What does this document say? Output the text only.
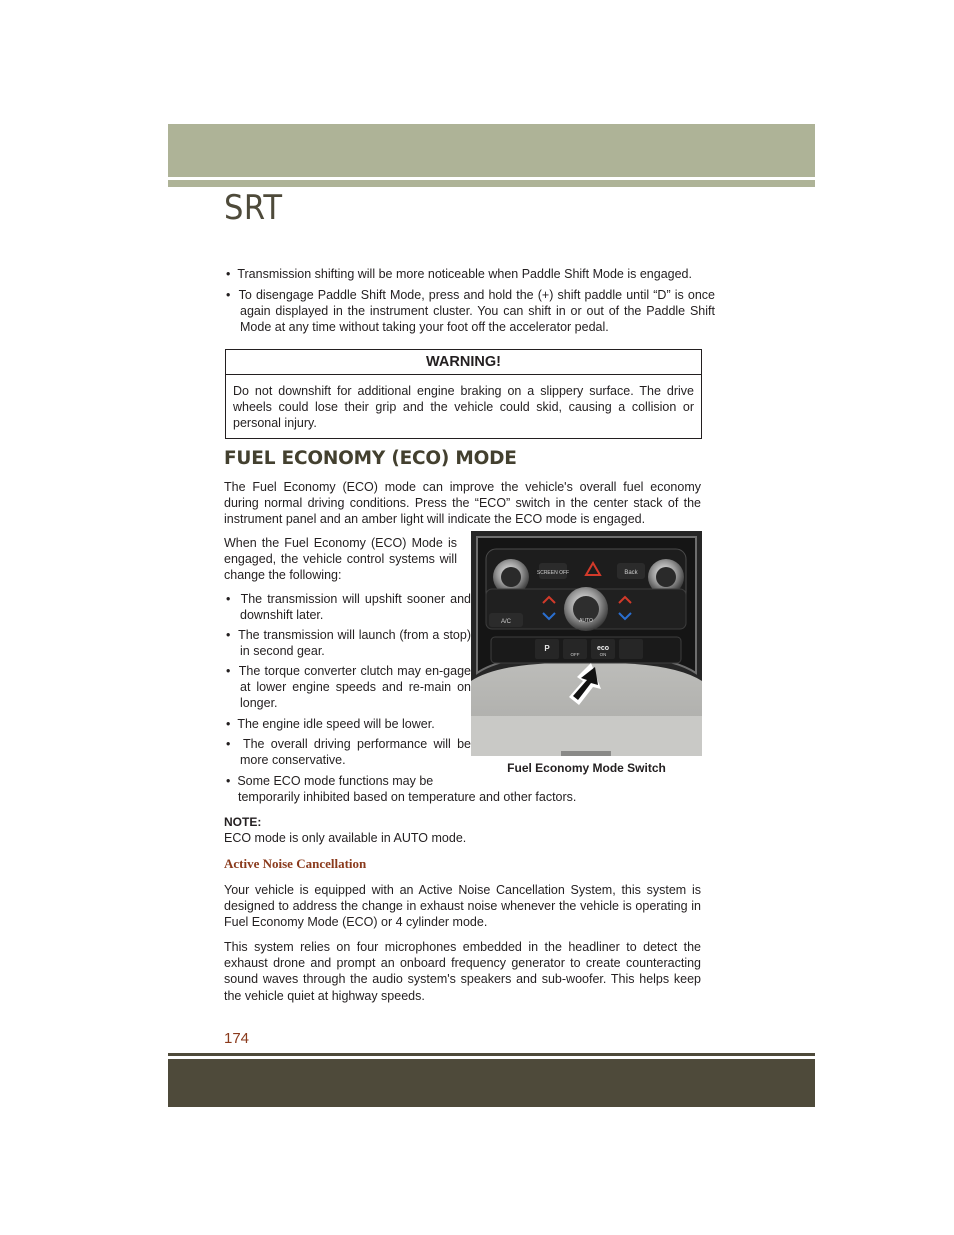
SRT
•  Transmission shifting will be more noticeable when Paddle Shift Mode is engaged.
•  To disengage Paddle Shift Mode, press and hold the (+) shift paddle until “D” is once again displayed in the instrument cluster. You can shift in or out of the Paddle Shift Mode at any time without taking your foot off the accelerator pedal.
WARNING!
Do not downshift for additional engine braking on a slippery surface. The drive wheels could lose their grip and the vehicle could skid, causing a collision or personal injury.
FUEL ECONOMY (ECO) MODE
The Fuel Economy (ECO) mode can improve the vehicle's overall fuel economy during normal driving conditions. Press the “ECO” switch in the center stack of the instrument panel and an amber light will indicate the ECO mode is engaged.
When the Fuel Economy (ECO) Mode is engaged, the vehicle control systems will change the following:
•  The transmission will upshift sooner and downshift later.
•  The transmission will launch (from a stop) in second gear.
•  The torque converter clutch may en-gage at lower engine speeds and re-main on longer.
•  The engine idle speed will be lower.
•  The overall driving performance will be more conservative.
•  Some ECO mode functions may be
temporarily inhibited based on temperature and other factors.
SCREEN OFF	Back
AUTO
A/C
P
OFF
eco
ON
Fuel Economy Mode Switch
NOTE:
ECO mode is only available in AUTO mode.
Active Noise Cancellation
Your vehicle is equipped with an Active Noise Cancellation System, this system is designed to address the change in exhaust noise whenever the vehicle is operating in Fuel Economy Mode (ECO) or 4 cylinder mode.
This system relies on four microphones embedded in the headliner to detect the exhaust drone and prompt an onboard frequency generator to create counteracting sound waves through the audio system's speakers and sub-woofer. This helps keep the vehicle quiet at highway speeds.
174
